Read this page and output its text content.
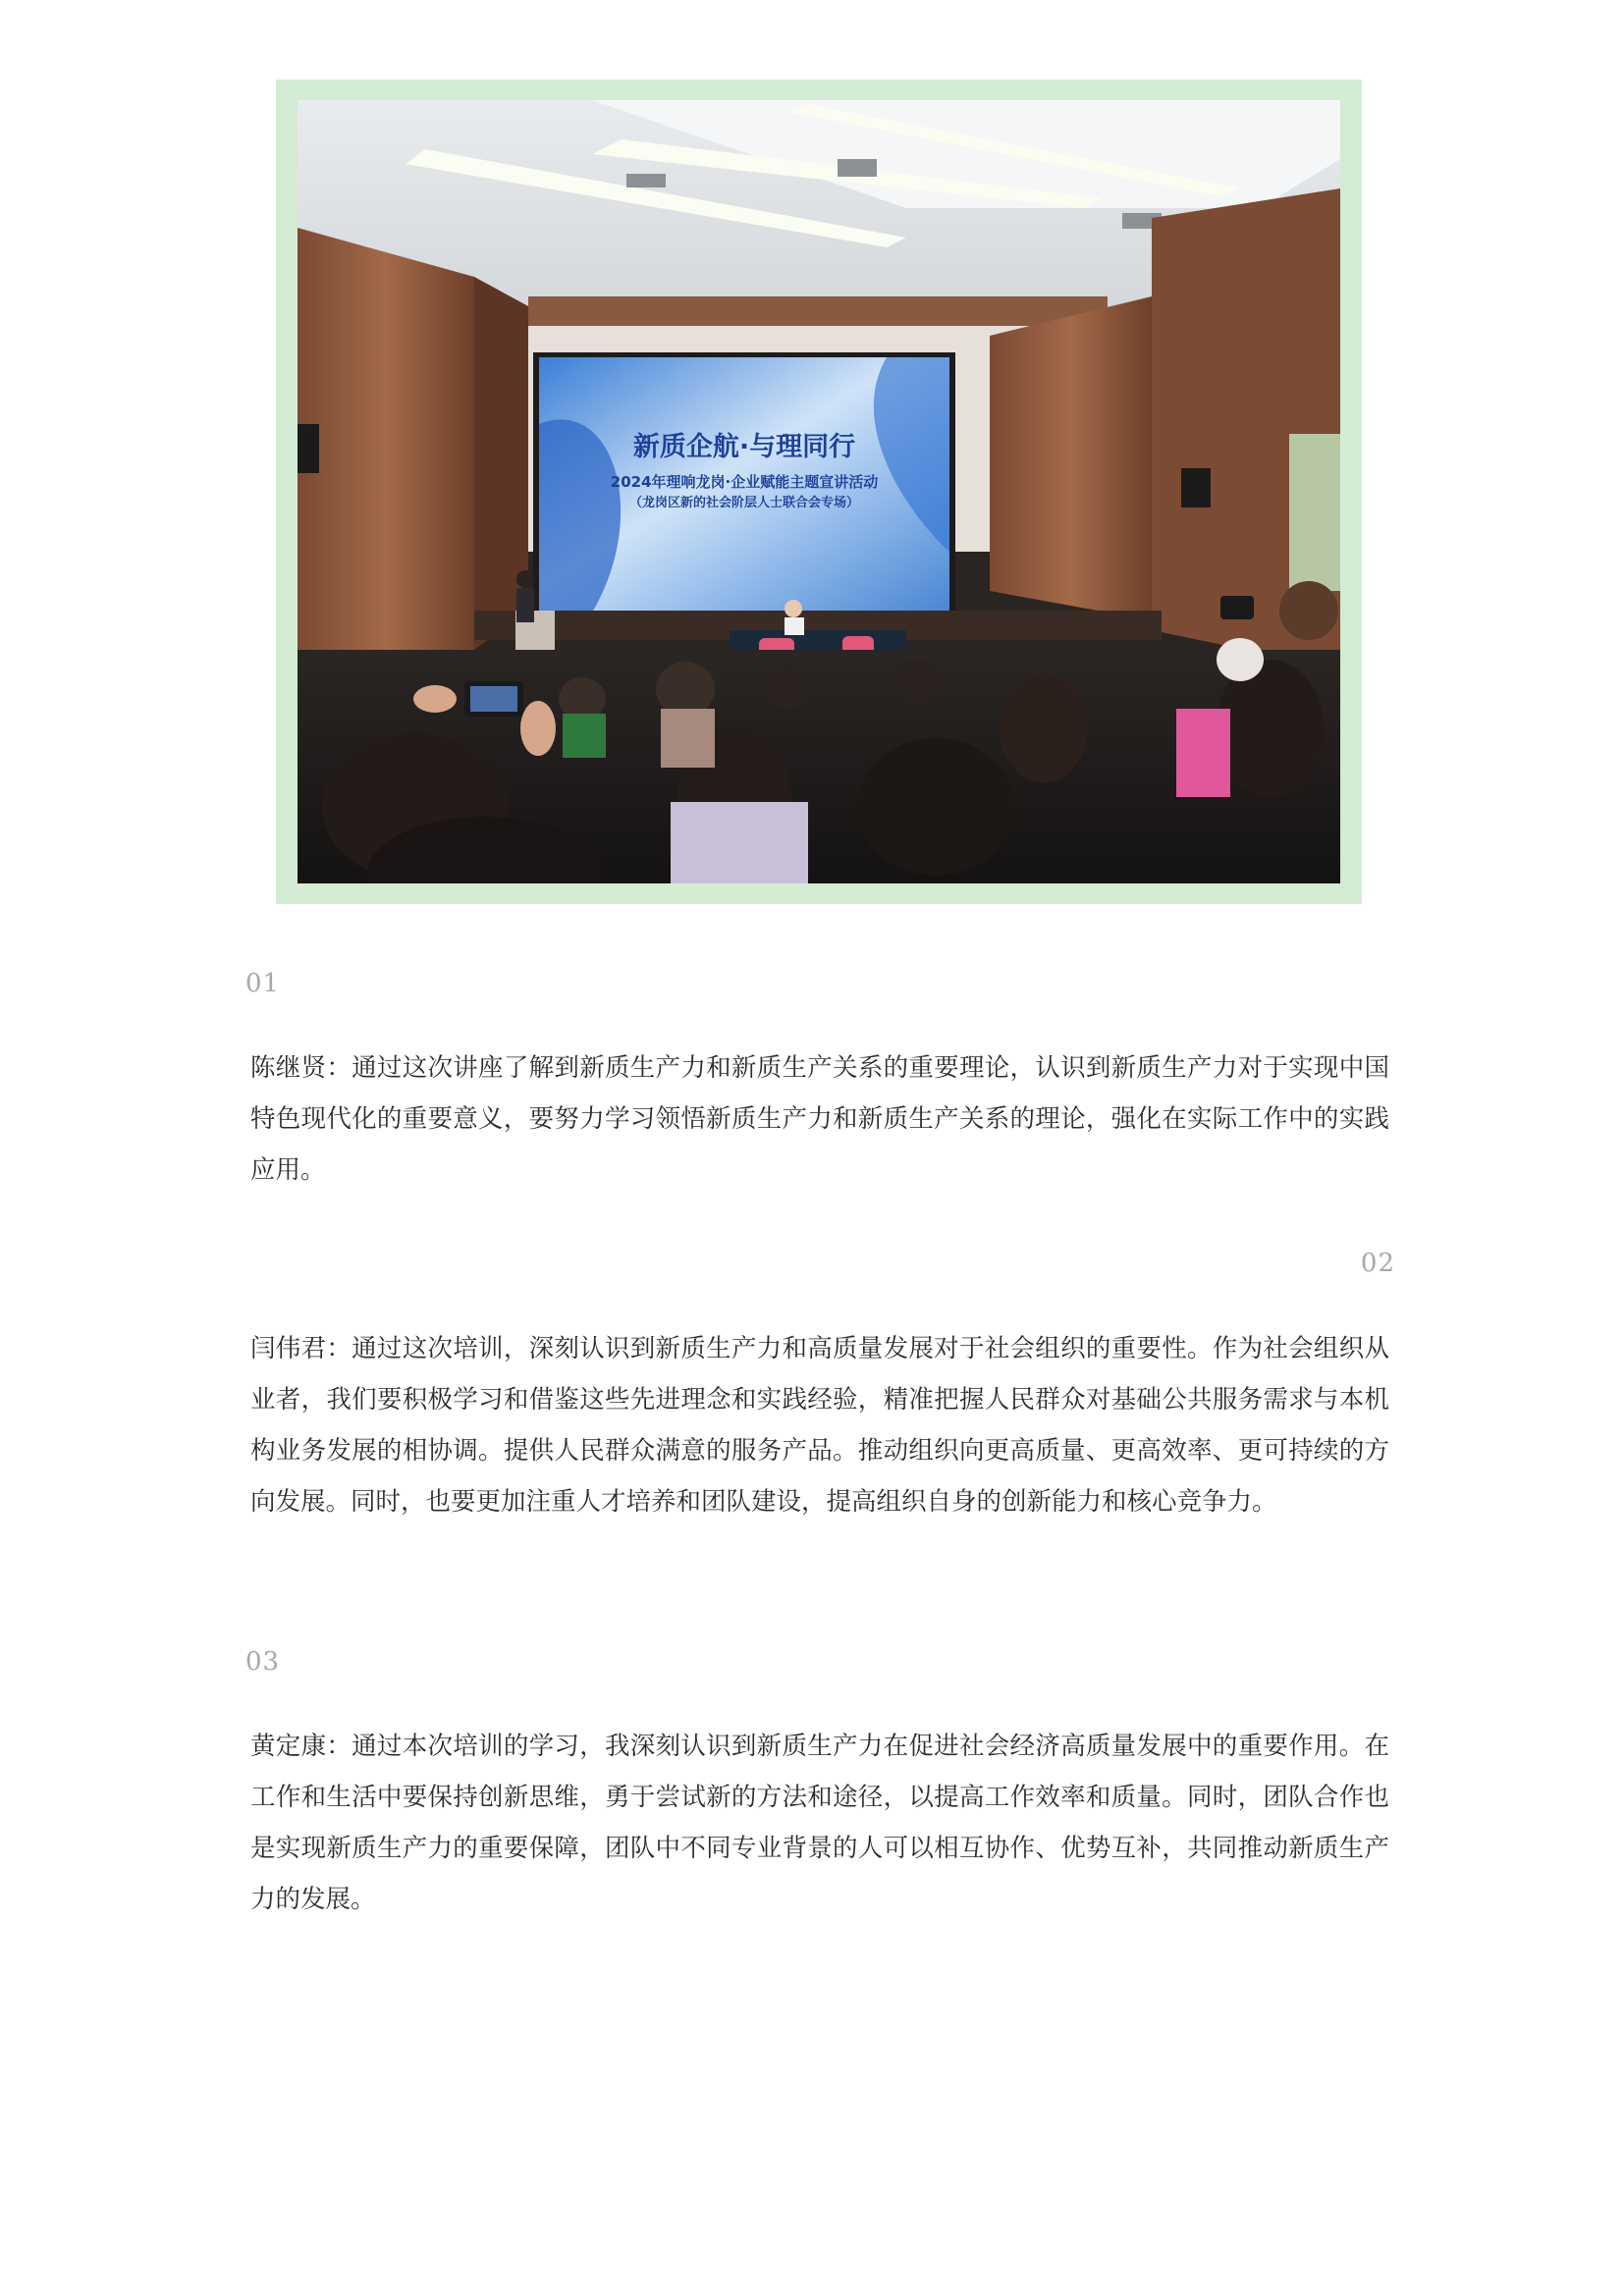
新质企航·与理同行
2024年理响龙岗·企业赋能主题宣讲活动
（龙岗区新的社会阶层人士联合会专场）
01

陈继贤：通过这次讲座了解到新质生产力和新质生产关系的重要理论，认识到新质生产力对于实现中国特色现代化的重要意义，要努力学习领悟新质生产力和新质生产关系的理论，强化在实际工作中的实践应用。

02

闫伟君：通过这次培训，深刻认识到新质生产力和高质量发展对于社会组织的重要性。作为社会组织从业者，我们要积极学习和借鉴这些先进理念和实践经验，精准把握人民群众对基础公共服务需求与本机构业务发展的相协调。提供人民群众满意的服务产品。推动组织向更高质量、更高效率、更可持续的方向发展。同时，也要更加注重人才培养和团队建设，提高组织自身的创新能力和核心竞争力。

03

黄定康：通过本次培训的学习，我深刻认识到新质生产力在促进社会经济高质量发展中的重要作用。在工作和生活中要保持创新思维，勇于尝试新的方法和途径，以提高工作效率和质量。同时，团队合作也是实现新质生产力的重要保障，团队中不同专业背景的人可以相互协作、优势互补，共同推动新质生产力的发展。
